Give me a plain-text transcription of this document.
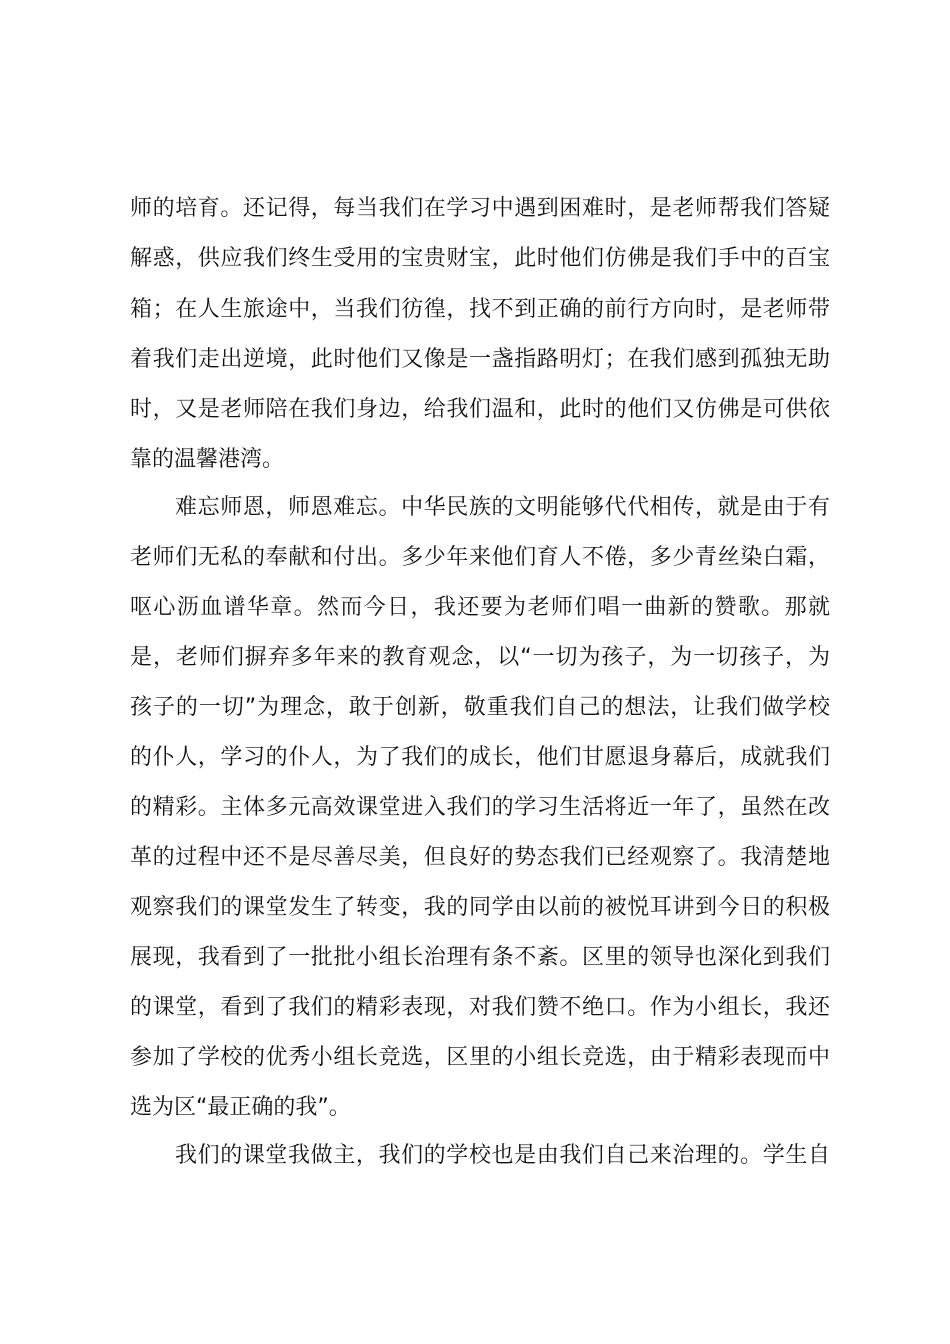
师的培育。还记得，每当我们在学习中遇到困难时，是老师帮我们答疑

解惑，供应我们终生受用的宝贵财宝，此时他们仿佛是我们手中的百宝

箱；在人生旅途中，当我们彷徨，找不到正确的前行方向时，是老师带

着我们走出逆境，此时他们又像是一盏指路明灯；在我们感到孤独无助

时，又是老师陪在我们身边，给我们温和，此时的他们又仿佛是可供依

靠的温馨港湾。

难忘师恩，师恩难忘。中华民族的文明能够代代相传，就是由于有

老师们无私的奉献和付出。多少年来他们育人不倦，多少青丝染白霜，

呕心沥血谱华章。然而今日，我还要为老师们唱一曲新的赞歌。那就

是，老师们摒弃多年来的教育观念，以“一切为孩子，为一切孩子，为

孩子的一切”为理念，敢于创新，敬重我们自己的想法，让我们做学校

的仆人，学习的仆人，为了我们的成长，他们甘愿退身幕后，成就我们

的精彩。主体多元高效课堂进入我们的学习生活将近一年了，虽然在改

革的过程中还不是尽善尽美，但良好的势态我们已经观察了。我清楚地

观察我们的课堂发生了转变，我的同学由以前的被悦耳讲到今日的积极

展现，我看到了一批批小组长治理有条不紊。区里的领导也深化到我们

的课堂，看到了我们的精彩表现，对我们赞不绝口。作为小组长，我还

参加了学校的优秀小组长竞选，区里的小组长竞选，由于精彩表现而中

选为区“最正确的我”。

我们的课堂我做主，我们的学校也是由我们自己来治理的。学生自
